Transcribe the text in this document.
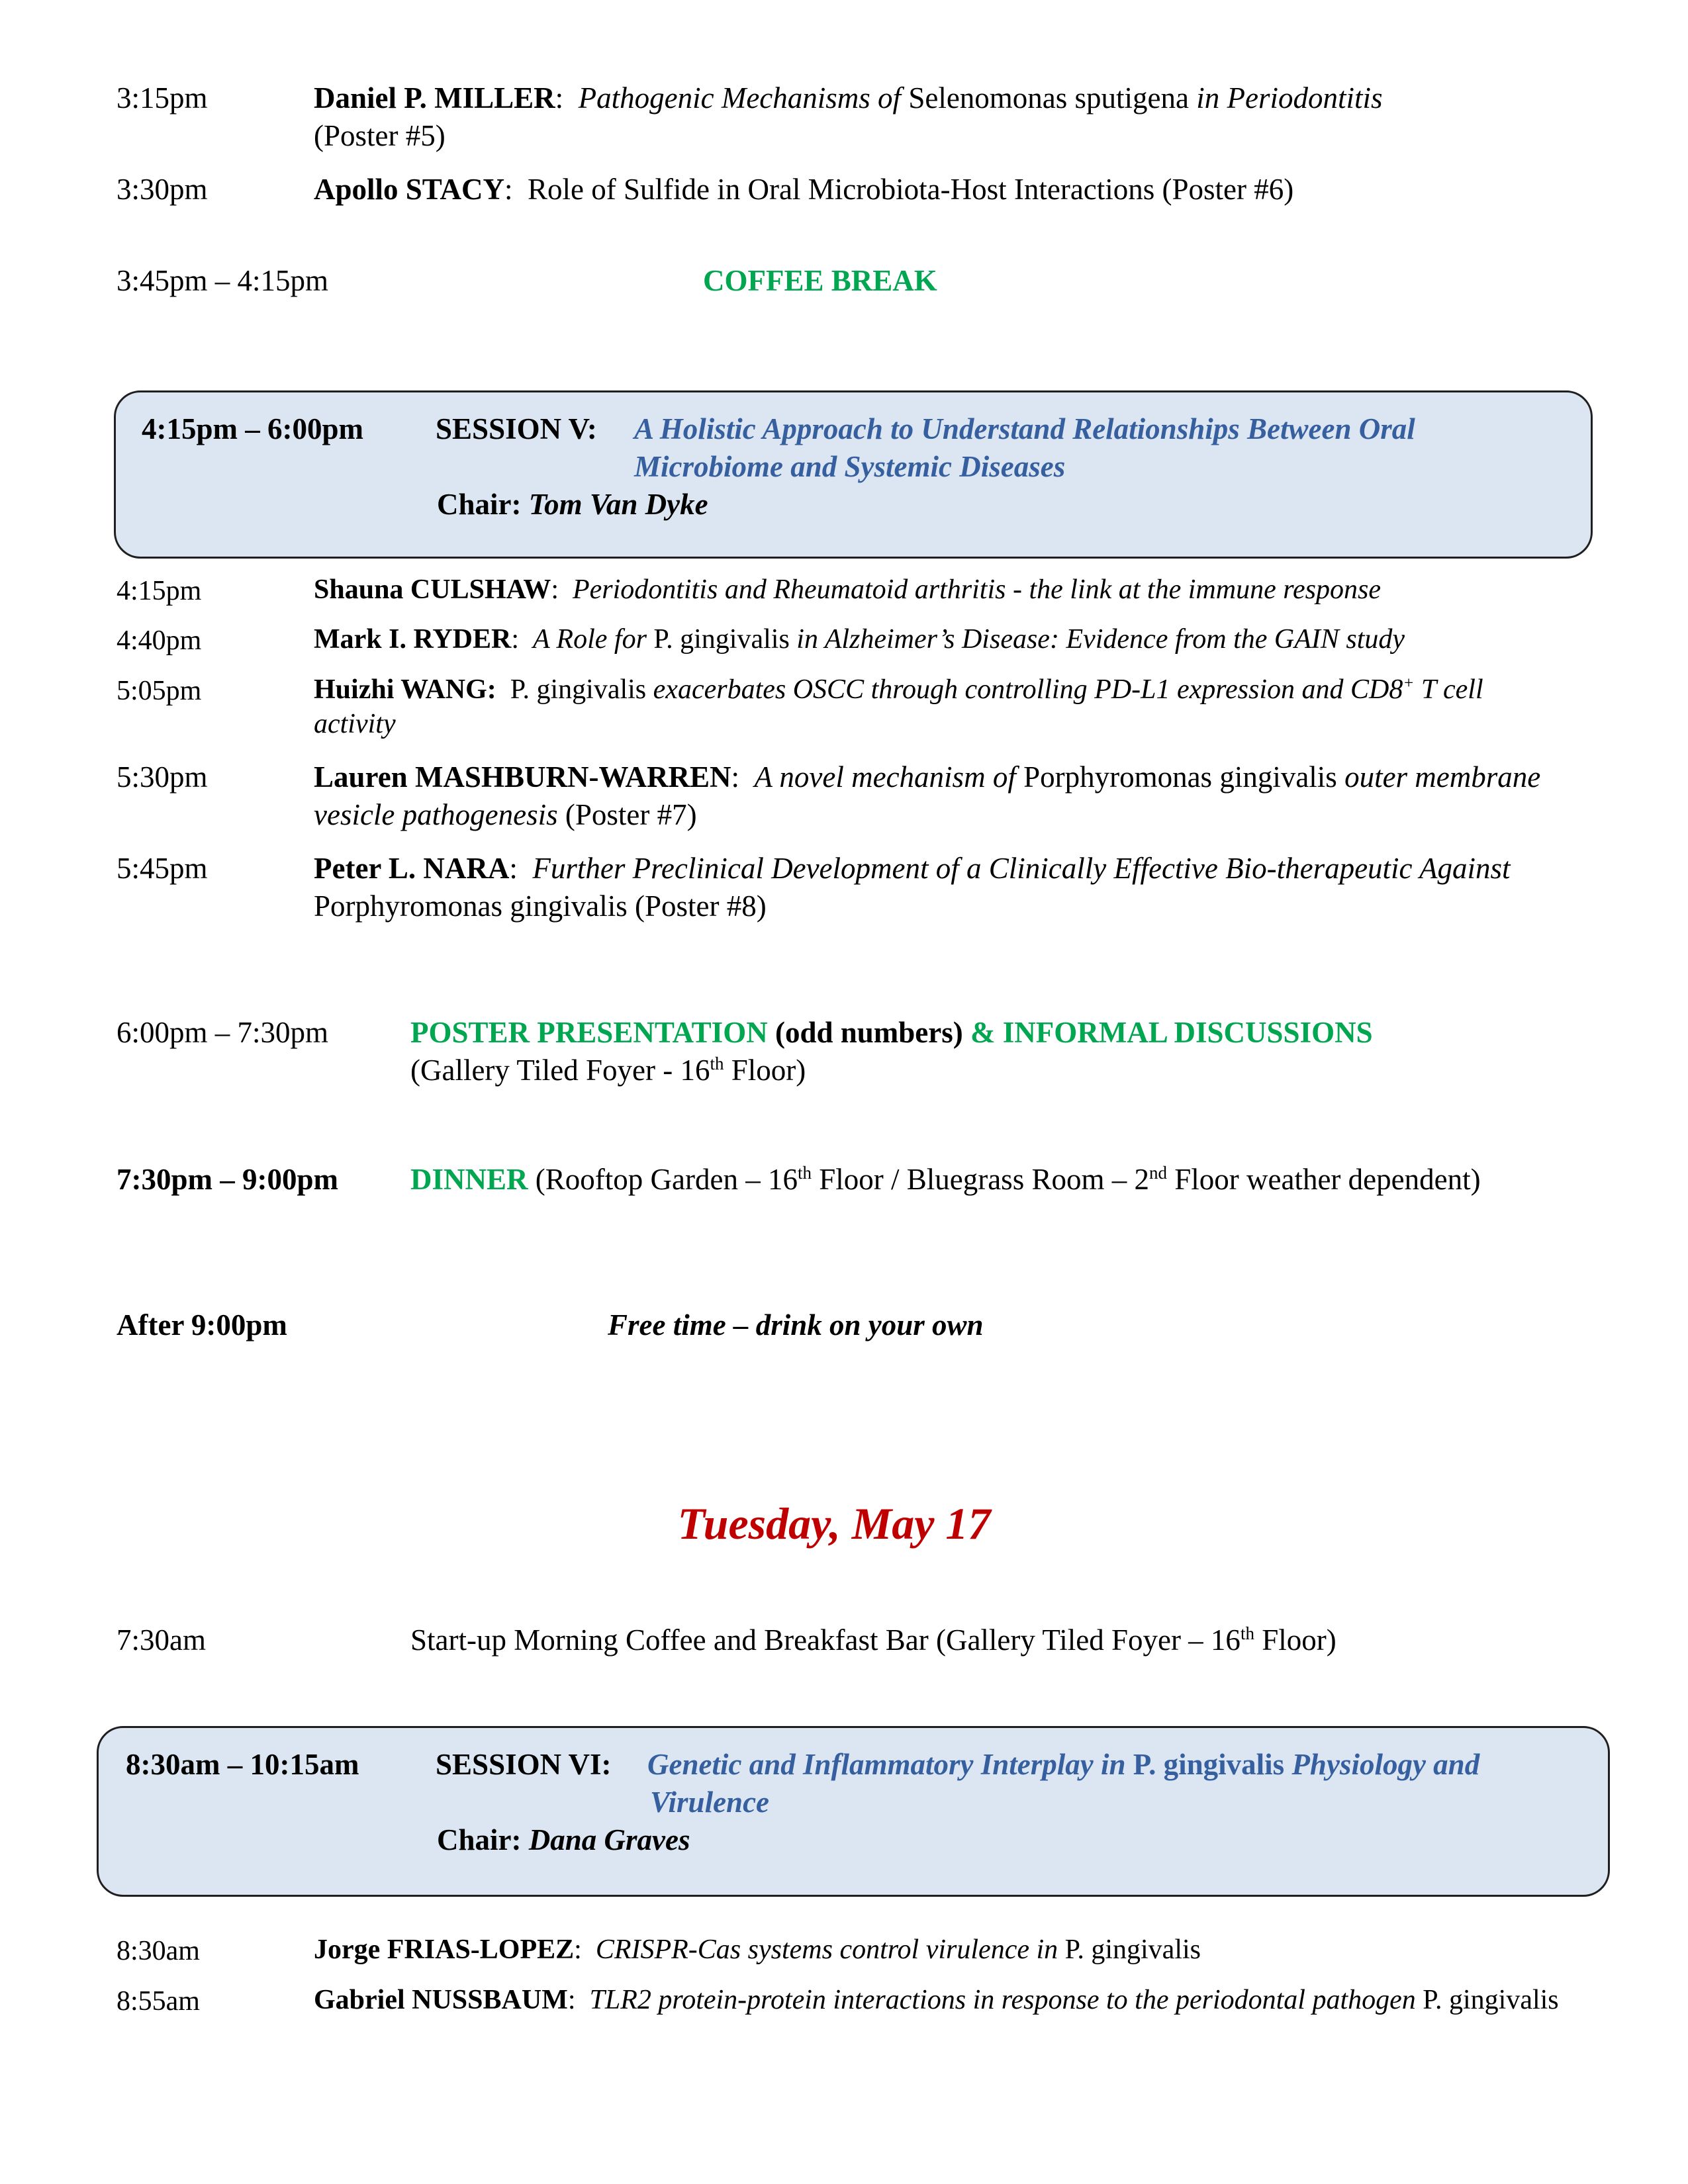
3:15pm	Daniel P. MILLER:  Pathogenic Mechanisms of Selenomonas sputigena in Periodontitis
(Poster #5)
3:30pm	Apollo STACY:  Role of Sulfide in Oral Microbiota-Host Interactions (Poster #6)
3:45pm – 4:15pm	COFFEE BREAK
4:15pm – 6:00pm SESSION V: A Holistic Approach to Understand Relationships Between Oral
Microbiome and Systemic Diseases
Chair: Tom Van Dyke
4:15pm	Shauna CULSHAW:  Periodontitis and Rheumatoid arthritis - the link at the immune response
4:40pm	Mark I. RYDER:  A Role for P. gingivalis in Alzheimer’s Disease: Evidence from the GAIN study
5:05pm	Huizhi WANG: P. gingivalis exacerbates OSCC through controlling PD-L1 expression and CD8+ T cell activity
5:30pm	Lauren MASHBURN-WARREN:  A novel mechanism of Porphyromonas gingivalis outer membrane vesicle pathogenesis (Poster #7)
5:45pm	Peter L. NARA:  Further Preclinical Development of a Clinically Effective Bio-therapeutic Against Porphyromonas gingivalis (Poster #8)
6:00pm – 7:30pm	POSTER PRESENTATION (odd numbers) & INFORMAL DISCUSSIONS
(Gallery Tiled Foyer - 16th Floor)
7:30pm – 9:00pm DINNER (Rooftop Garden – 16th Floor / Bluegrass Room – 2nd Floor weather dependent)
After 9:00pm	Free time – drink on your own
Tuesday, May 17
7:30am	Start-up Morning Coffee and Breakfast Bar (Gallery Tiled Foyer – 16th Floor)
8:30am – 10:15am	SESSION VI: Genetic and Inflammatory Interplay in P. gingivalis Physiology and
Virulence
Chair: Dana Graves
8:30am	Jorge FRIAS-LOPEZ:  CRISPR-Cas systems control virulence in P. gingivalis
8:55am	Gabriel NUSSBAUM:  TLR2 protein-protein interactions in response to the periodontal pathogen P. gingivalis
